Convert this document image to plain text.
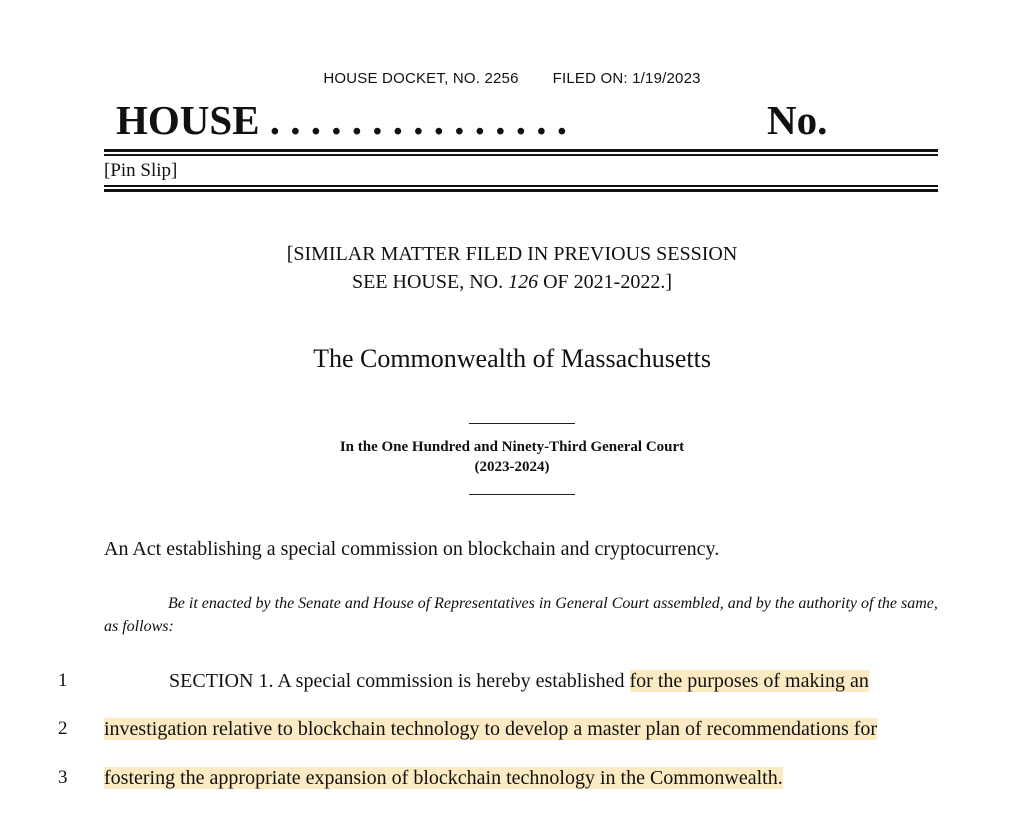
HOUSE DOCKET, NO. 2256 FILED ON: 1/19/2023
HOUSE . . . . . . . . . . . . . . .	No.
[Pin Slip]
[SIMILAR MATTER FILED IN PREVIOUS SESSION
SEE HOUSE, NO. 126 OF 2021-2022.]
The Commonwealth of Massachusetts
In the One Hundred and Ninety-Third General Court
(2023-2024)
An Act establishing a special commission on blockchain and cryptocurrency.
Be it enacted by the Senate and House of Representatives in General Court assembled, and by the authority of the same, as follows:
1	SECTION 1. A special commission is hereby established for the purposes of making an
2	investigation relative to blockchain technology to develop a master plan of recommendations for
3	fostering the appropriate expansion of blockchain technology in the Commonwealth.
